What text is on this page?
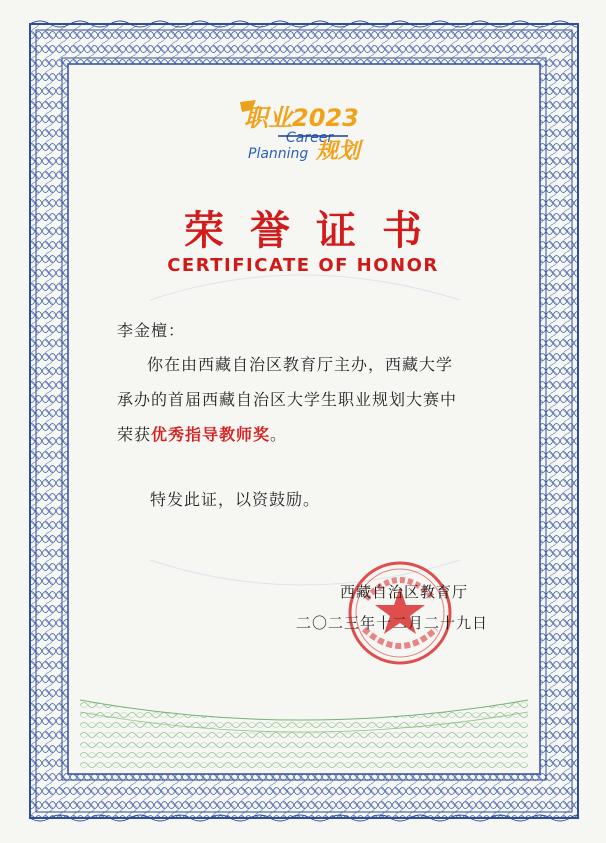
职业2023
Career
Planning 规划
荣誉证书
CERTIFICATE OF HONOR
李金檀：
你在由西藏自治区教育厅主办，西藏大学
承办的首届西藏自治区大学生职业规划大赛中
荣获优秀指导教师奖。
特发此证，以资鼓励。
西藏自治区教育厅
二〇二三年十二月二十九日
